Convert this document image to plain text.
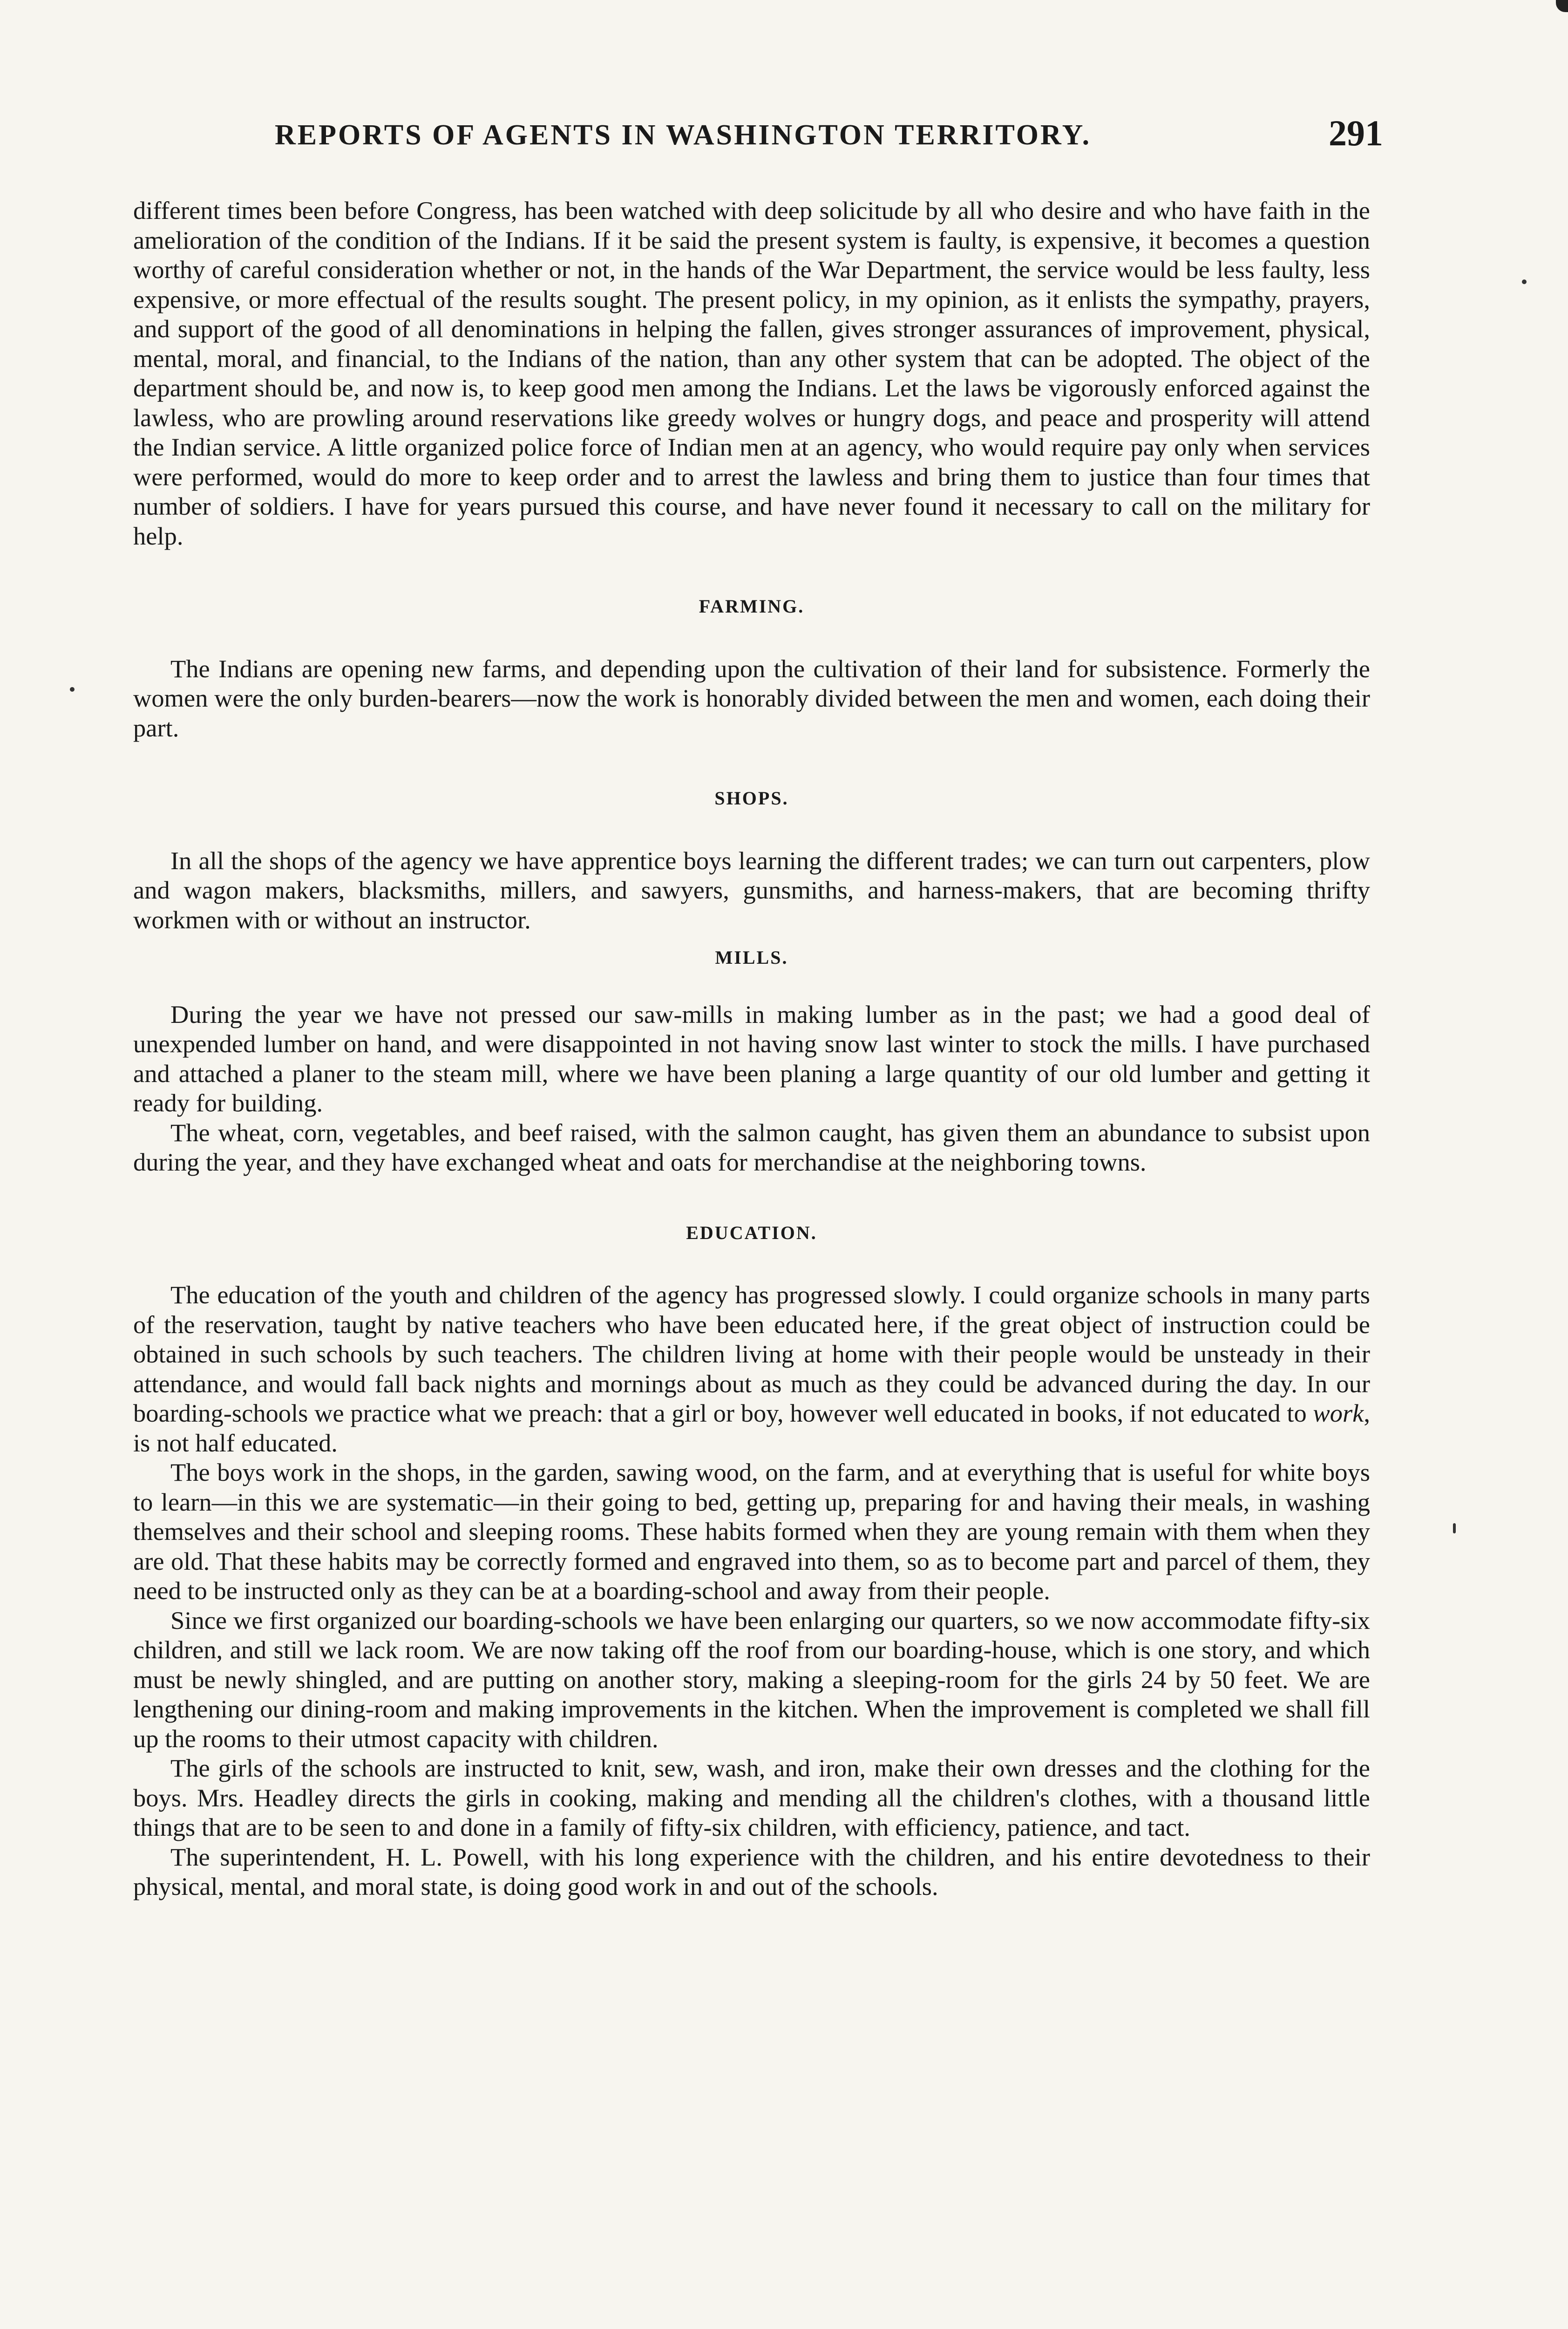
REPORTS OF AGENTS IN WASHINGTON TERRITORY.	291

different times been before Congress, has been watched with deep solicitude by all who desire and who have faith in the amelioration of the condition of the Indians. If it be said the present system is faulty, is expensive, it becomes a question worthy of careful consideration whether or not, in the hands of the War Department, the service would be less faulty, less expensive, or more effectual of the results sought. The present policy, in my opinion, as it enlists the sympathy, prayers, and support of the good of all denominations in helping the fallen, gives stronger assurances of improvement, physical, mental, moral, and financial, to the Indians of the nation, than any other system that can be adopted. The object of the department should be, and now is, to keep good men among the Indians. Let the laws be vigorously enforced against the lawless, who are prowling around reservations like greedy wolves or hungry dogs, and peace and prosperity will attend the Indian service. A little organized police force of Indian men at an agency, who would require pay only when services were performed, would do more to keep order and to arrest the lawless and bring them to justice than four times that number of soldiers. I have for years pursued this course, and have never found it necessary to call on the military for help.

FARMING.

The Indians are opening new farms, and depending upon the cultivation of their land for subsistence. Formerly the women were the only burden-bearers—now the work is honorably divided between the men and women, each doing their part.

SHOPS.

In all the shops of the agency we have apprentice boys learning the different trades; we can turn out carpenters, plow and wagon makers, blacksmiths, millers, and sawyers, gunsmiths, and harness-makers, that are becoming thrifty workmen with or without an instructor.

MILLS.

During the year we have not pressed our saw-mills in making lumber as in the past; we had a good deal of unexpended lumber on hand, and were disappointed in not having snow last winter to stock the mills. I have purchased and attached a planer to the steam mill, where we have been planing a large quantity of our old lumber and getting it ready for building.

The wheat, corn, vegetables, and beef raised, with the salmon caught, has given them an abundance to subsist upon during the year, and they have exchanged wheat and oats for merchandise at the neighboring towns.

EDUCATION.

The education of the youth and children of the agency has progressed slowly. I could organize schools in many parts of the reservation, taught by native teachers who have been educated here, if the great object of instruction could be obtained in such schools by such teachers. The children living at home with their people would be unsteady in their attendance, and would fall back nights and mornings about as much as they could be advanced during the day. In our boarding-schools we practice what we preach: that a girl or boy, however well educated in books, if not educated to work, is not half educated.

The boys work in the shops, in the garden, sawing wood, on the farm, and at everything that is useful for white boys to learn—in this we are systematic—in their going to bed, getting up, preparing for and having their meals, in washing themselves and their school and sleeping rooms. These habits formed when they are young remain with them when they are old. That these habits may be correctly formed and engraved into them, so as to become part and parcel of them, they need to be instructed only as they can be at a boarding-school and away from their people.

Since we first organized our boarding-schools we have been enlarging our quarters, so we now accommodate fifty-six children, and still we lack room. We are now taking off the roof from our boarding-house, which is one story, and which must be newly shingled, and are putting on another story, making a sleeping-room for the girls 24 by 50 feet. We are lengthening our dining-room and making improvements in the kitchen. When the improvement is completed we shall fill up the rooms to their utmost capacity with children.

The girls of the schools are instructed to knit, sew, wash, and iron, make their own dresses and the clothing for the boys. Mrs. Headley directs the girls in cooking, making and mending all the children's clothes, with a thousand little things that are to be seen to and done in a family of fifty-six children, with efficiency, patience, and tact.

The superintendent, H. L. Powell, with his long experience with the children, and his entire devotedness to their physical, mental, and moral state, is doing good work in and out of the schools.
